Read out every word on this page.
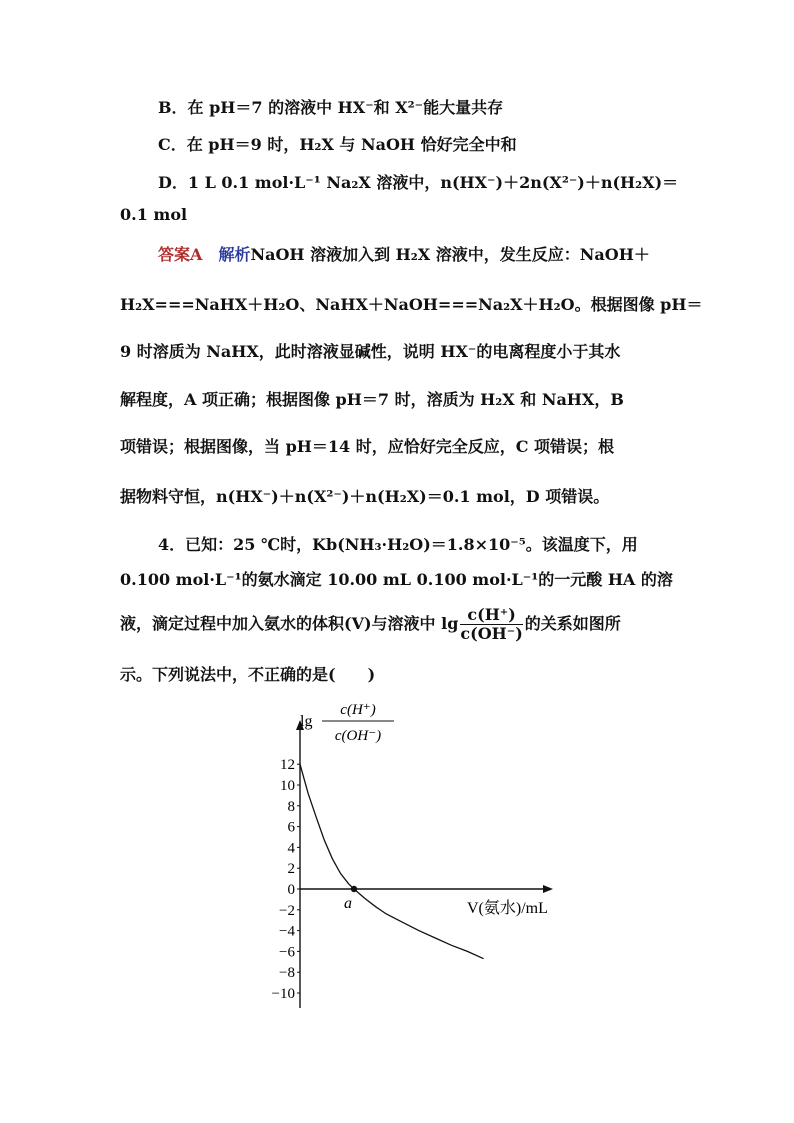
B．在 pH＝7 的溶液中 HX⁻和 X²⁻能大量共存
C．在 pH＝9 时，H₂X 与 NaOH 恰好完全中和
D．1 L 0.1 mol·L⁻¹ Na₂X 溶液中，n(HX⁻)＋2n(X²⁻)＋n(H₂X)＝
0.1 mol
答案A　 解析NaOH 溶液加入到 H₂X 溶液中，发生反应：NaOH＋
H₂X===NaHX＋H₂O、NaHX＋NaOH===Na₂X＋H₂O。根据图像 pH＝
9 时溶质为 NaHX，此时溶液显碱性，说明 HX⁻的电离程度小于其水
解程度，A 项正确；根据图像 pH＝7 时，溶质为 H₂X 和 NaHX，B
项错误；根据图像，当 pH＝14 时，应恰好完全反应，C 项错误；根
据物料守恒，n(HX⁻)＋n(X²⁻)＋n(H₂X)＝0.1 mol，D 项错误。
4．已知：25 ℃时，Kb(NH₃·H₂O)＝1.8×10⁻⁵。该温度下，用
0.100 mol·L⁻¹的氨水滴定 10.00 mL 0.100 mol·L⁻¹的一元酸 HA 的溶
液，滴定过程中加入氨水的体积(V)与溶液中 $\lg \frac{c(H^+)}{c(OH^-)}$ 的关系如图所
示。下列说法中，不正确的是(　　)
lg
c(H⁺)
c(OH⁻)
12
10
8
6
4
2
0
−2
−4
−6
−8
−10
a	V(氨水)/mL
